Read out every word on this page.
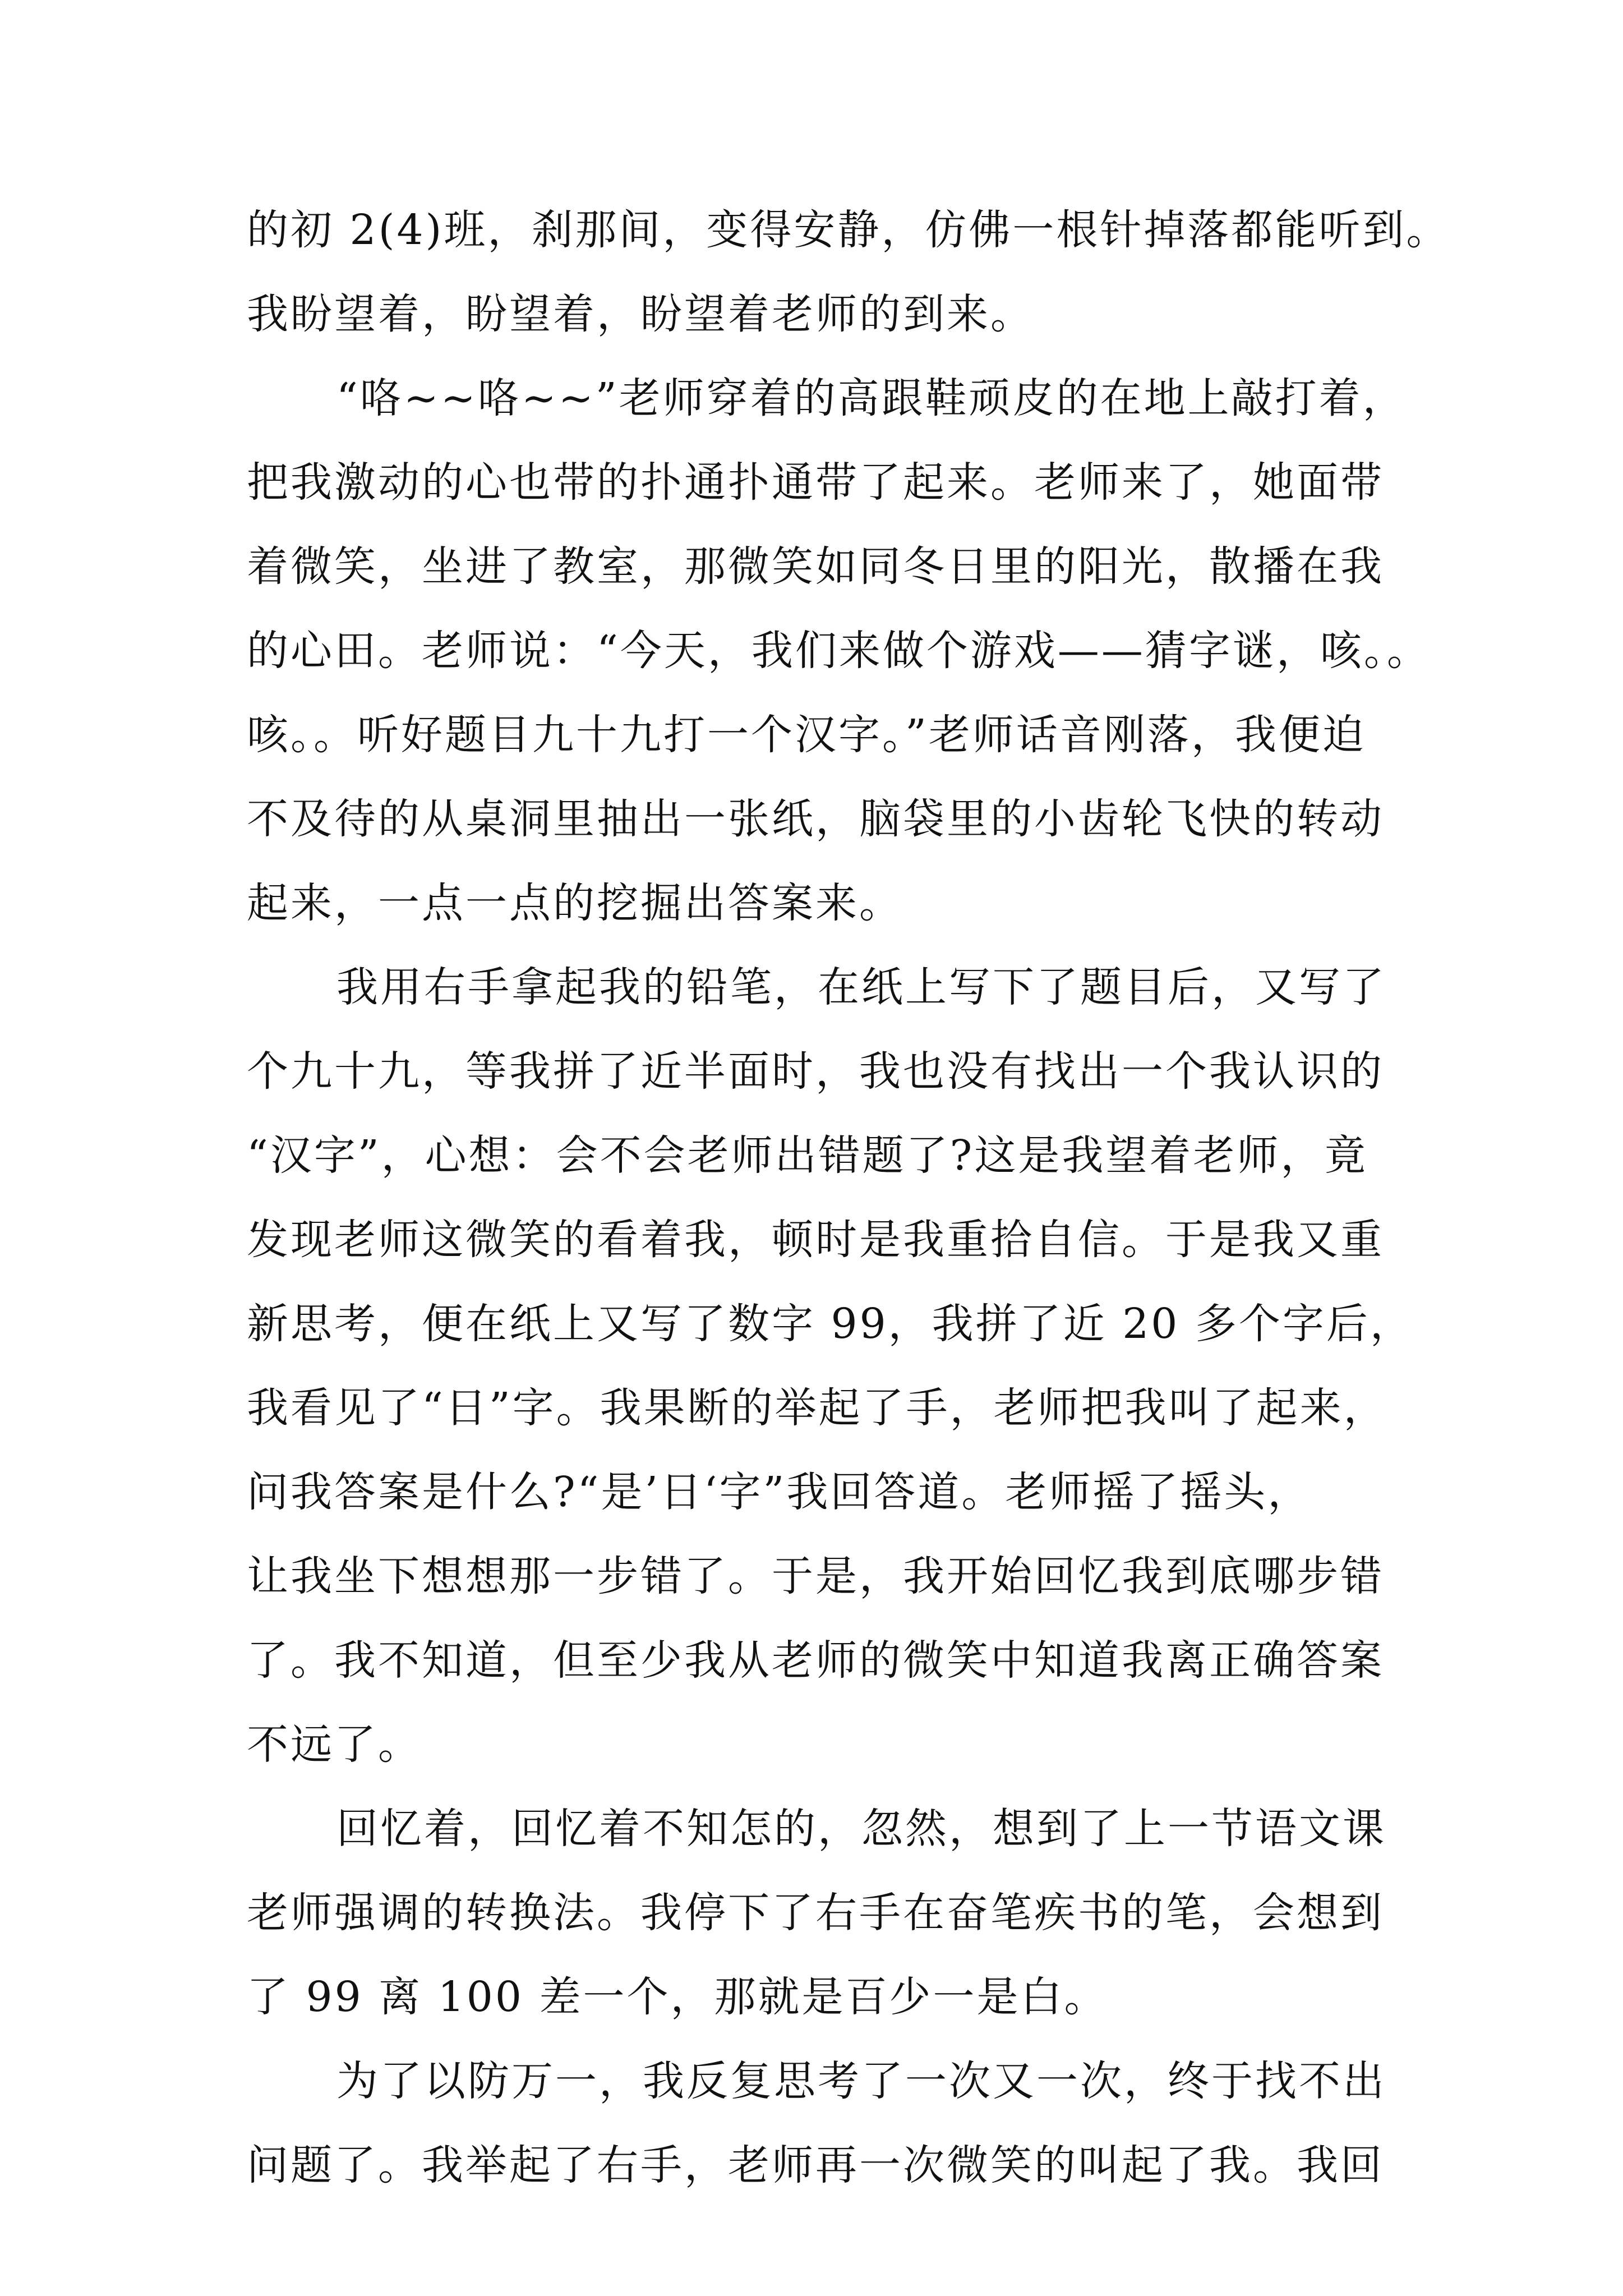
的初 2(4)班，刹那间，变得安静，仿佛一根针掉落都能听到。
我盼望着，盼望着，盼望着老师的到来。
“咯~~咯~~”老师穿着的高跟鞋顽皮的在地上敲打着，
把我激动的心也带的扑通扑通带了起来。老师来了，她面带
着微笑，坐进了教室，那微笑如同冬日里的阳光，散播在我
的心田。老师说：“今天，我们来做个游戏——猜字谜，咳。。
咳。。听好题目九十九打一个汉字。”老师话音刚落，我便迫
不及待的从桌洞里抽出一张纸，脑袋里的小齿轮飞快的转动
起来，一点一点的挖掘出答案来。
我用右手拿起我的铅笔，在纸上写下了题目后，又写了
个九十九，等我拼了近半面时，我也没有找出一个我认识的
“汉字”，心想：会不会老师出错题了?这是我望着老师，竟
发现老师这微笑的看着我，顿时是我重拾自信。于是我又重
新思考，便在纸上又写了数字 99，我拼了近 20 多个字后，
我看见了“日”字。我果断的举起了手，老师把我叫了起来，
问我答案是什么?“是’日‘字”我回答道。老师摇了摇头，
让我坐下想想那一步错了。于是，我开始回忆我到底哪步错
了。我不知道，但至少我从老师的微笑中知道我离正确答案
不远了。
回忆着，回忆着不知怎的，忽然，想到了上一节语文课
老师强调的转换法。我停下了右手在奋笔疾书的笔，会想到
了 99 离 100 差一个，那就是百少一是白。
为了以防万一，我反复思考了一次又一次，终于找不出
问题了。我举起了右手，老师再一次微笑的叫起了我。我回
